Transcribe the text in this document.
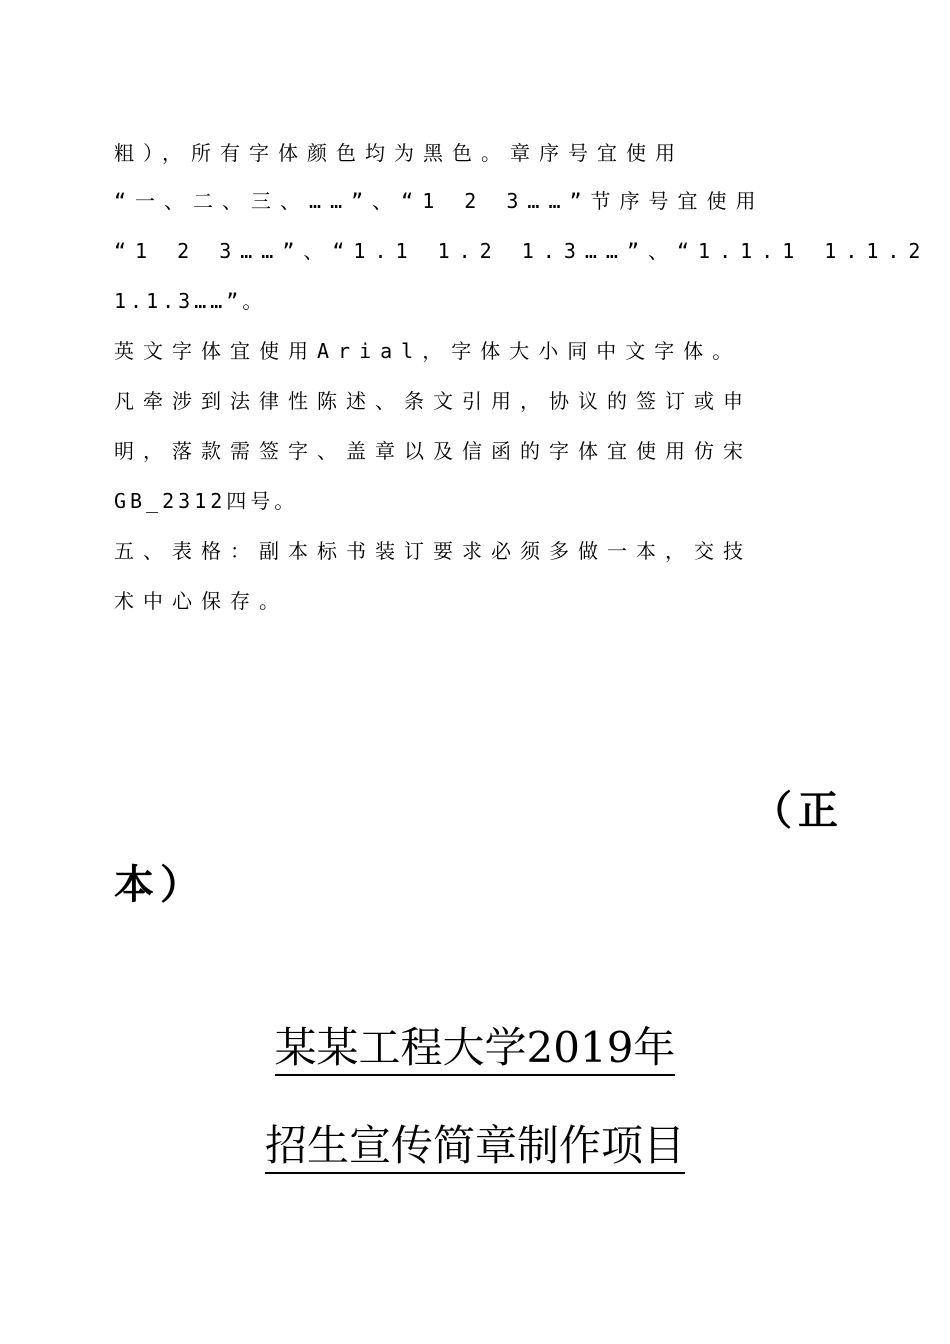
粗），所有字体颜色均为黑色。章序号宜使用
“一、二、三、……”、“1 2 3……”节序号宜使用
“1 2 3……”、“1.1 1.2 1.3……”、“1.1.1 1.1.2
1.1.3……”。
英文字体宜使用Arial，字体大小同中文字体。
凡牵涉到法律性陈述、条文引用，协议的签订或申
明，落款需签字、盖章以及信函的字体宜使用仿宋
GB_2312四号。
五、表格：副本标书装订要求必须多做一本，交技
术中心保存。
（正
本）
某某工程大学2019年
招生宣传简章制作项目
